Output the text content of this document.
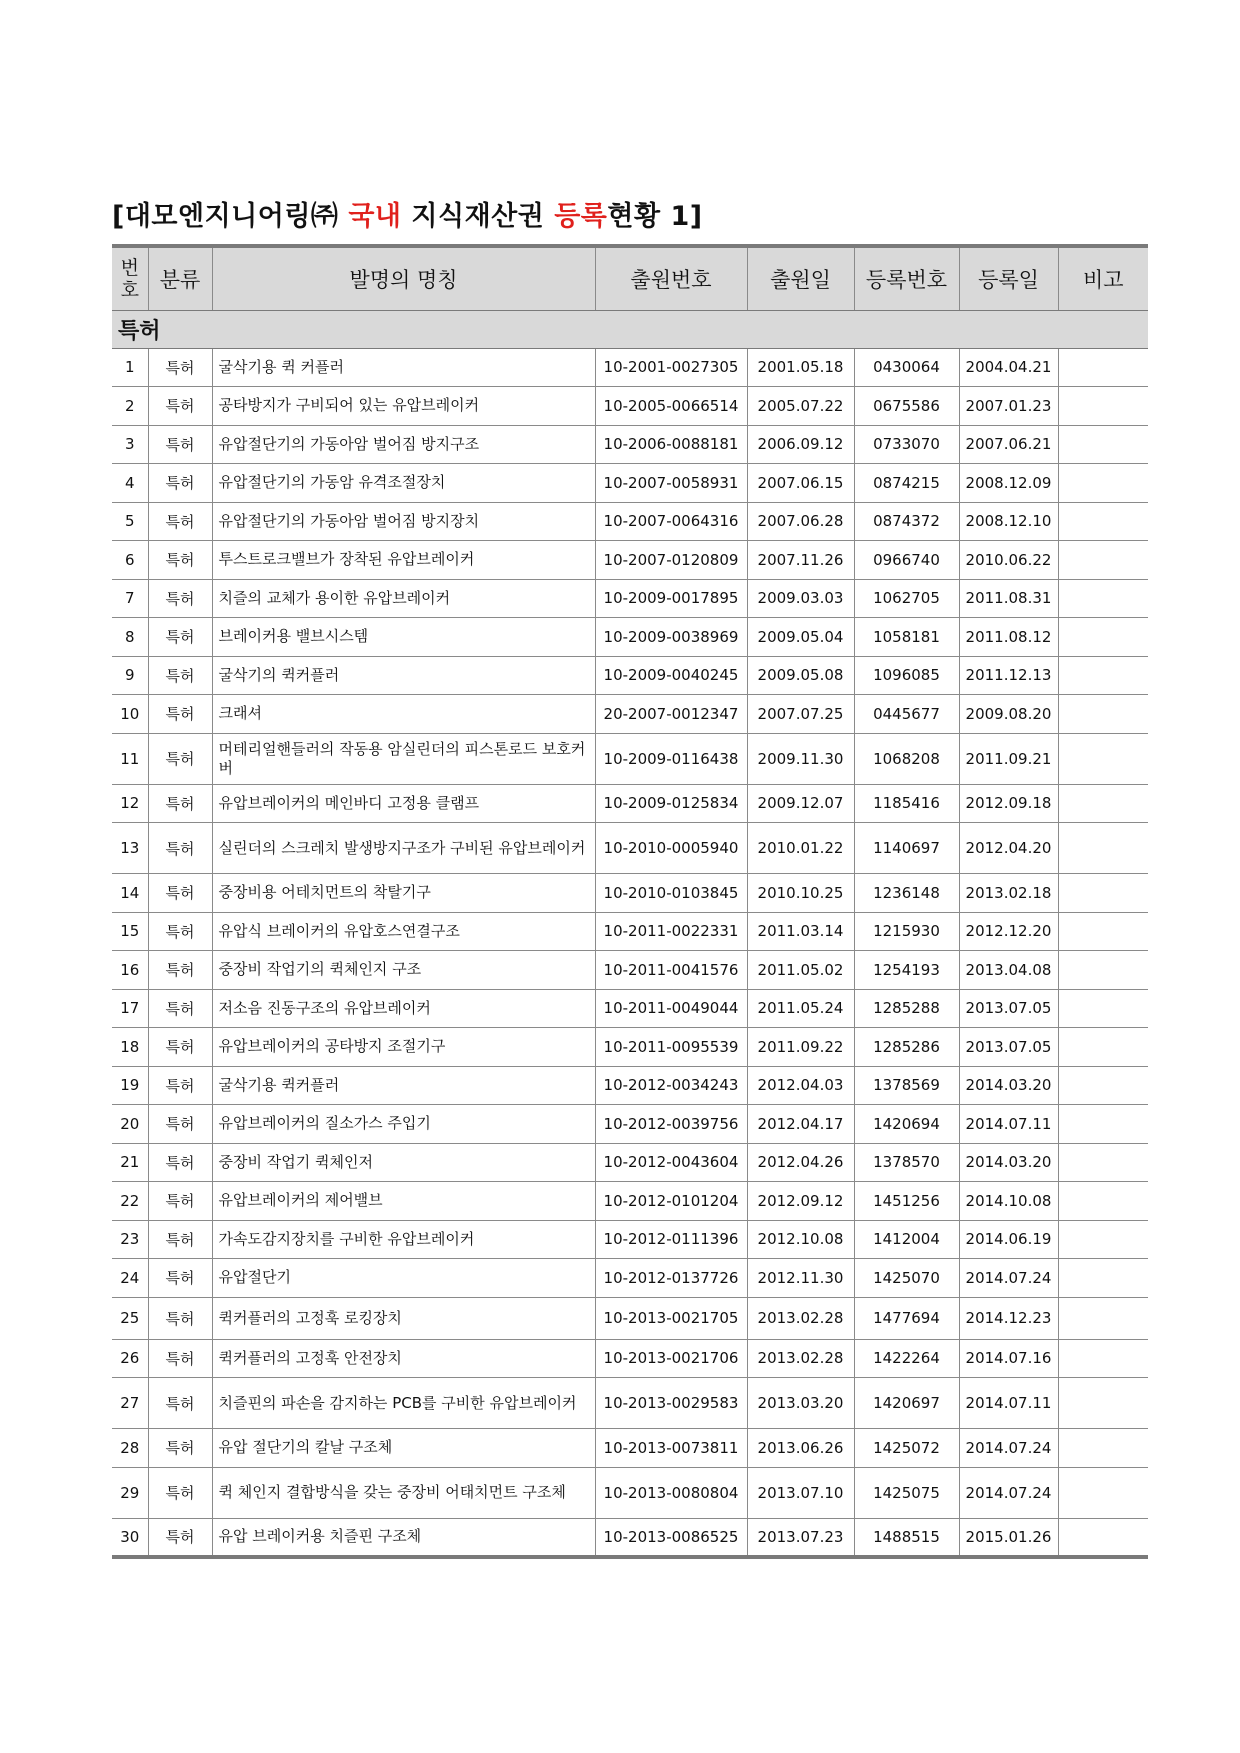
[대모엔지니어링㈜ 국내 지식재산권 등록현황 1]
번호	분류	발명의 명칭	출원번호	출원일	등록번호	등록일	비고
특허							
1	특허	굴삭기용 퀵 커플러	10-2001-0027305	2001.05.18	0430064	2004.04.21	
2	특허	공타방지가 구비되어 있는 유압브레이커	10-2005-0066514	2005.07.22	0675586	2007.01.23	
3	특허	유압절단기의 가동아암 벌어짐 방지구조	10-2006-0088181	2006.09.12	0733070	2007.06.21	
4	특허	유압절단기의 가동암 유격조절장치	10-2007-0058931	2007.06.15	0874215	2008.12.09	
5	특허	유압절단기의 가동아암 벌어짐 방지장치	10-2007-0064316	2007.06.28	0874372	2008.12.10	
6	특허	투스트로크밸브가 장착된 유압브레이커	10-2007-0120809	2007.11.26	0966740	2010.06.22	
7	특허	치즐의 교체가 용이한 유압브레이커	10-2009-0017895	2009.03.03	1062705	2011.08.31	
8	특허	브레이커용 밸브시스템	10-2009-0038969	2009.05.04	1058181	2011.08.12	
9	특허	굴삭기의 퀵커플러	10-2009-0040245	2009.05.08	1096085	2011.12.13	
10	특허	크래셔	20-2007-0012347	2007.07.25	0445677	2009.08.20	
11	특허	머테리얼핸들러의 작동용 암실린더의 피스톤로드 보호커버	10-2009-0116438	2009.11.30	1068208	2011.09.21	
12	특허	유압브레이커의 메인바디 고정용 클램프	10-2009-0125834	2009.12.07	1185416	2012.09.18	
13	특허	실린더의 스크레치 발생방지구조가 구비된 유압브레이커	10-2010-0005940	2010.01.22	1140697	2012.04.20	
14	특허	중장비용 어테치먼트의 착탈기구	10-2010-0103845	2010.10.25	1236148	2013.02.18	
15	특허	유압식 브레이커의 유압호스연결구조	10-2011-0022331	2011.03.14	1215930	2012.12.20	
16	특허	중장비 작업기의 퀵체인지 구조	10-2011-0041576	2011.05.02	1254193	2013.04.08	
17	특허	저소음 진동구조의 유압브레이커	10-2011-0049044	2011.05.24	1285288	2013.07.05	
18	특허	유압브레이커의 공타방지 조절기구	10-2011-0095539	2011.09.22	1285286	2013.07.05	
19	특허	굴삭기용 퀵커플러	10-2012-0034243	2012.04.03	1378569	2014.03.20	
20	특허	유압브레이커의 질소가스 주입기	10-2012-0039756	2012.04.17	1420694	2014.07.11	
21	특허	중장비 작업기 퀵체인저	10-2012-0043604	2012.04.26	1378570	2014.03.20	
22	특허	유압브레이커의 제어밸브	10-2012-0101204	2012.09.12	1451256	2014.10.08	
23	특허	가속도감지장치를 구비한 유압브레이커	10-2012-0111396	2012.10.08	1412004	2014.06.19	
24	특허	유압절단기	10-2012-0137726	2012.11.30	1425070	2014.07.24	
25	특허	퀵커플러의 고정훅 로킹장치	10-2013-0021705	2013.02.28	1477694	2014.12.23	
26	특허	퀵커플러의 고정훅 안전장치	10-2013-0021706	2013.02.28	1422264	2014.07.16	
27	특허	치즐핀의 파손을 감지하는 PCB를 구비한 유압브레이커	10-2013-0029583	2013.03.20	1420697	2014.07.11	
28	특허	유압 절단기의 칼날 구조체	10-2013-0073811	2013.06.26	1425072	2014.07.24	
29	특허	퀵 체인지 결합방식을 갖는 중장비 어태치먼트 구조체	10-2013-0080804	2013.07.10	1425075	2014.07.24	
30	특허	유압 브레이커용 치즐핀 구조체	10-2013-0086525	2013.07.23	1488515	2015.01.26	
